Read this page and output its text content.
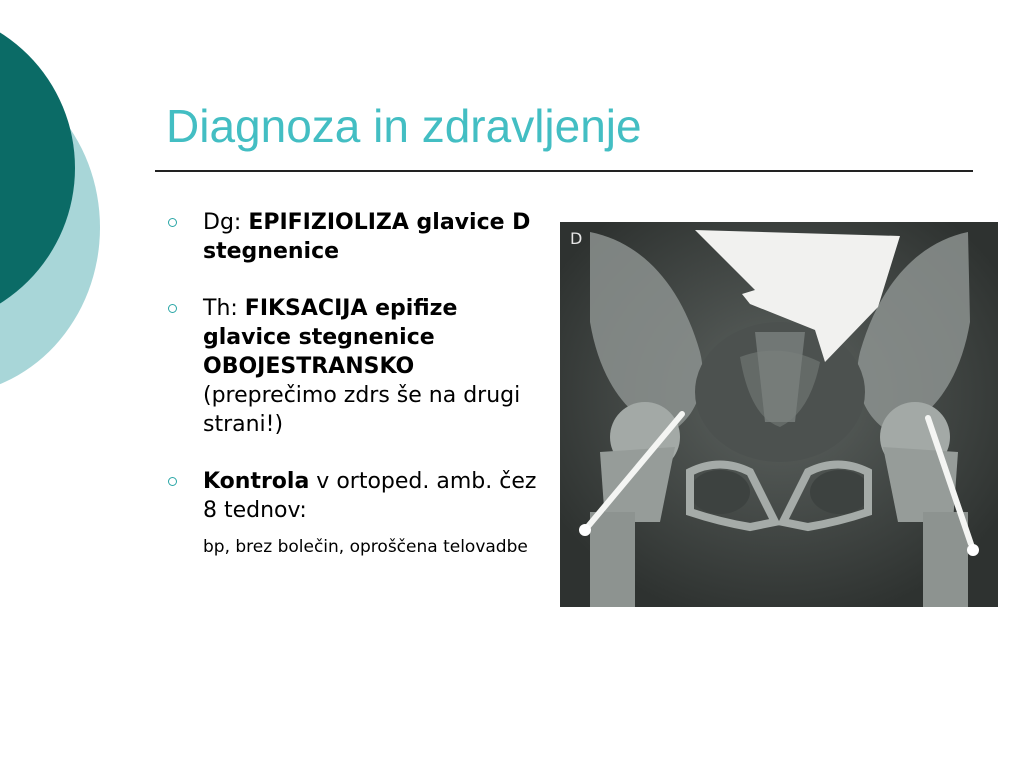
Diagnoza in zdravljenje
Dg: EPIFIZIOLIZA glavice D stegnenice
Th: FIKSACIJA epifize glavice stegnenice OBOJESTRANSKO (preprečimo zdrs še na drugi strani!)
Kontrola v ortoped. amb. čez 8 tednov:
bp, brez bolečin, oproščena telovadbe
D
